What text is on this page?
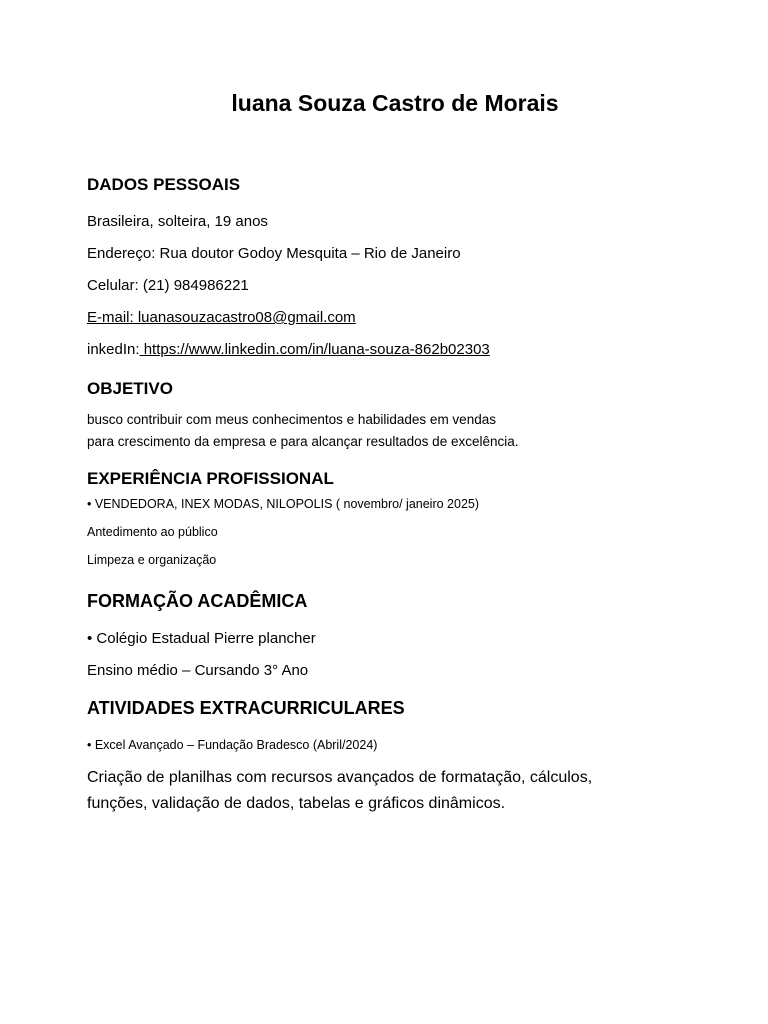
luana Souza Castro de Morais
DADOS PESSOAIS
Brasileira, solteira, 19 anos
Endereço: Rua doutor Godoy Mesquita – Rio de Janeiro
Celular: (21) 984986221
E-mail: luanasouzacastro08@gmail.com
inkedIn: https://www.linkedin.com/in/luana-souza-862b02303
OBJETIVO
busco contribuir com meus conhecimentos e habilidades em vendas
para crescimento da empresa e para alcançar resultados de excelência.
EXPERIÊNCIA PROFISSIONAL
• VENDEDORA, INEX MODAS, NILOPOLIS ( novembro/ janeiro 2025)
Antedimento ao público
Limpeza e organização
FORMAÇÃO ACADÊMICA
• Colégio Estadual Pierre plancher
Ensino médio – Cursando 3° Ano
ATIVIDADES EXTRACURRICULARES
• Excel Avançado – Fundação Bradesco (Abril/2024)
Criação de planilhas com recursos avançados de formatação, cálculos,
funções, validação de dados, tabelas e gráficos dinâmicos.
